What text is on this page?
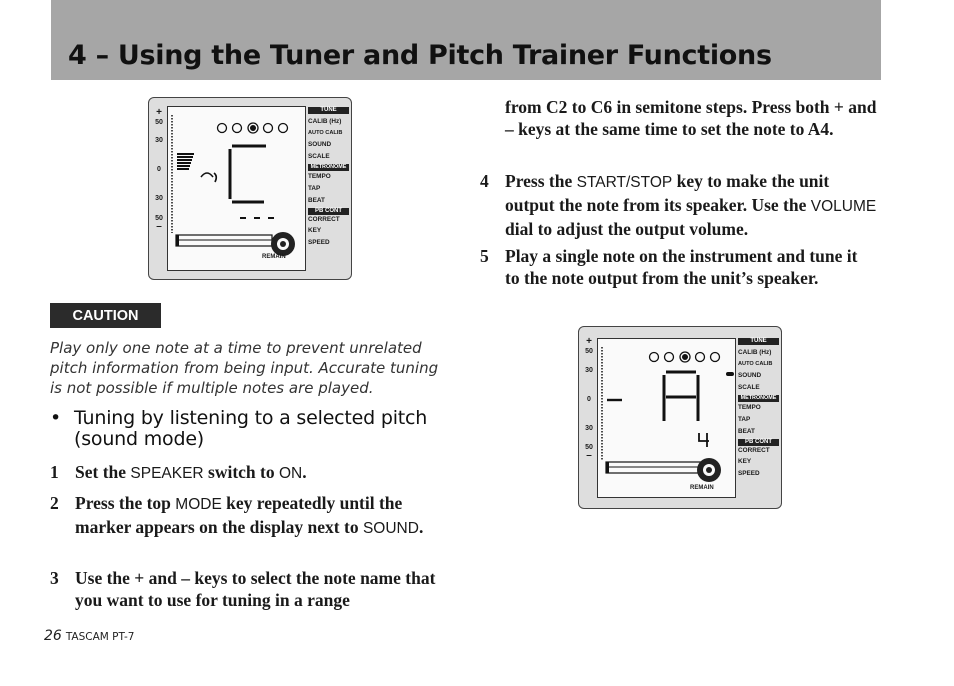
4 – Using the Tuner and Pitch Trainer Functions
+
50
30
0
30
50
–
REMAIN
TUNE
CALIB (Hz)
AUTO CALIB
SOUND
SCALE
METRONOME
TEMPO
TAP
BEAT
PB CONT
CORRECT
KEY
SPEED
CAUTION
Play only one note at a time to prevent unrelated pitch information from being input. Accurate tuning is not possible if multiple notes are played.
• Tuning by listening to a selected pitch (sound mode)
1 Set the SPEAKER switch to ON.
2 Press the top MODE key repeatedly until the marker appears on the display next to SOUND.
3 Use the + and – keys to select the note name that you want to use for tuning in a range
from C2 to C6 in semitone steps. Press both + and – keys at the same time to set the note to A4.
4 Press the START/STOP key to make the unit output the note from its speaker. Use the VOLUME dial to adjust the output volume.
5 Play a single note on the instrument and tune it to the note output from the unit’s speaker.
+
50
30
0
30
50
–
REMAIN
TUNE
CALIB (Hz)
AUTO CALIB
SOUND
SCALE
METRONOME
TEMPO
TAP
BEAT
PB CONT
CORRECT
KEY
SPEED
26 TASCAM PT-7
